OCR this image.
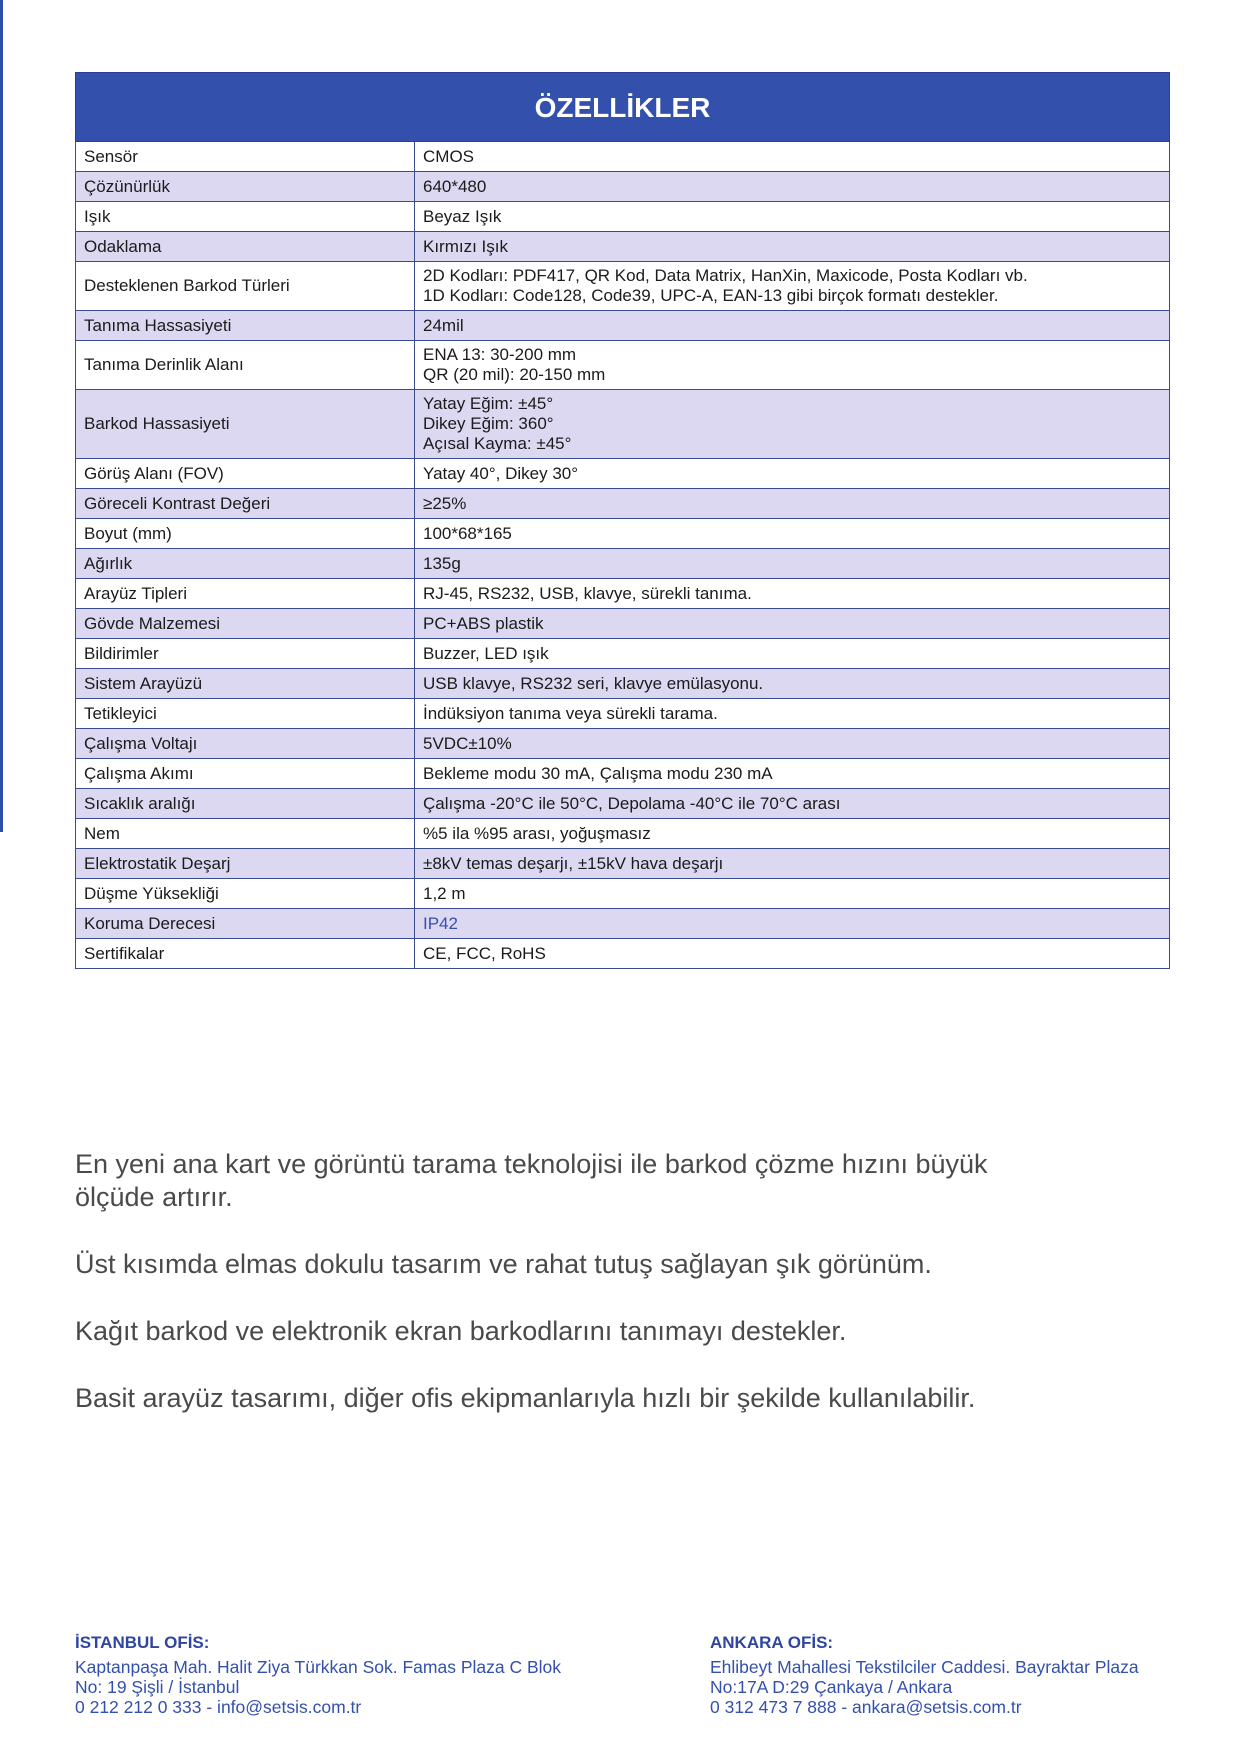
ÖZELLİKLER	
Sensör	CMOS

Çözünürlük	640*480

Işık	Beyaz Işık

Odaklama	Kırmızı Işık

Desteklenen Barkod Türleri	2D Kodları: PDF417, QR Kod, Data Matrix, HanXin, Maxicode, Posta Kodları vb.
1D Kodları: Code128, Code39, UPC-A, EAN-13 gibi birçok formatı destekler.

Tanıma Hassasiyeti	24mil

Tanıma Derinlik Alanı	ENA 13: 30-200 mm
QR (20 mil): 20-150 mm

Barkod Hassasiyeti	Yatay Eğim: ±45°
Dikey Eğim: 360°
Açısal Kayma: ±45°

Görüş Alanı (FOV)	Yatay 40°, Dikey 30°

Göreceli Kontrast Değeri	≥25%

Boyut (mm)	100*68*165

Ağırlık	135g

Arayüz Tipleri	RJ-45, RS232, USB, klavye, sürekli tanıma.

Gövde Malzemesi	PC+ABS plastik

Bildirimler	Buzzer, LED ışık

Sistem Arayüzü	USB klavye, RS232 seri, klavye emülasyonu.

Tetikleyici	İndüksiyon tanıma veya sürekli tarama.

Çalışma Voltajı	5VDC±10%

Çalışma Akımı	Bekleme modu 30 mA, Çalışma modu 230 mA

Sıcaklık aralığı	Çalışma -20°C ile 50°C, Depolama -40°C ile 70°C arası

Nem	%5 ila %95 arası, yoğuşmasız

Elektrostatik Deşarj	±8kV temas deşarjı, ±15kV hava deşarjı

Düşme Yüksekliği	1,2 m

Koruma Derecesi	IP42

Sertifikalar	CE, FCC, RoHS

En yeni ana kart ve görüntü tarama teknolojisi ile barkod çözme hızını büyük ölçüde artırır.

Üst kısımda elmas dokulu tasarım ve rahat tutuş sağlayan şık görünüm.

Kağıt barkod ve elektronik ekran barkodlarını tanımayı destekler.

Basit arayüz tasarımı, diğer ofis ekipmanlarıyla hızlı bir şekilde kullanılabilir.

İSTANBUL OFİS:
Kaptanpaşa Mah. Halit Ziya Türkkan Sok. Famas Plaza C Blok
No: 19 Şişli / İstanbul
0 212 212 0 333 - info@setsis.com.tr
ANKARA OFİS:
Ehlibeyt Mahallesi Tekstilciler Caddesi. Bayraktar Plaza
No:17A D:29 Çankaya / Ankara
0 312 473 7 888 - ankara@setsis.com.tr
